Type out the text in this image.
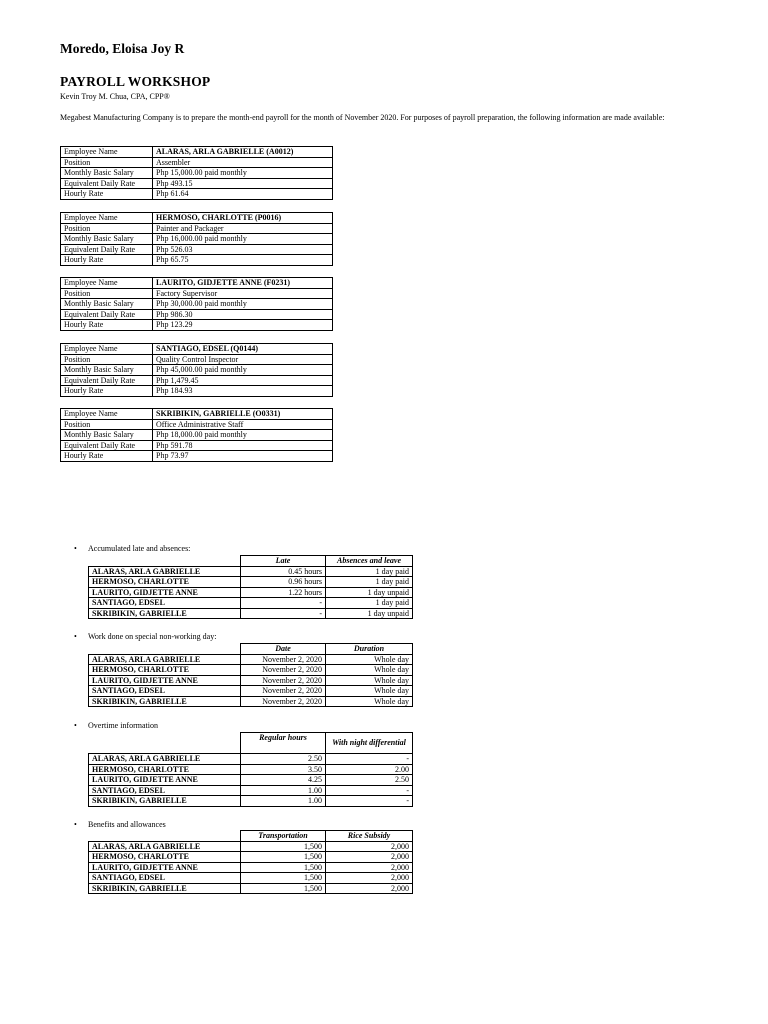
Moredo, Eloisa Joy R

PAYROLL WORKSHOP

Kevin Troy M. Chua, CPA, CPP®

Megabest Manufacturing Company is to prepare the month-end payroll for the month of November 2020. For purposes of payroll preparation, the following information are made available:

Employee Name	ALARAS, ARLA GABRIELLE (A0012)
Position	Assembler
Monthly Basic Salary	Php 15,000.00 paid monthly
Equivalent Daily Rate	Php 493.15
Hourly Rate	Php 61.64
Employee Name	HERMOSO, CHARLOTTE (P0016)
Position	Painter and Packager
Monthly Basic Salary	Php 16,000.00 paid monthly
Equivalent Daily Rate	Php 526.03
Hourly Rate	Php 65.75
Employee Name	LAURITO, GIDJETTE ANNE (F0231)
Position	Factory Supervisor
Monthly Basic Salary	Php 30,000.00 paid monthly
Equivalent Daily Rate	Php 986.30
Hourly Rate	Php 123.29
Employee Name	SANTIAGO, EDSEL (Q0144)
Position	Quality Control Inspector
Monthly Basic Salary	Php 45,000.00 paid monthly
Equivalent Daily Rate	Php 1,479.45
Hourly Rate	Php 184.93
Employee Name	SKRIBIKIN, GABRIELLE (O0331)
Position	Office Administrative Staff
Monthly Basic Salary	Php 18,000.00 paid monthly
Equivalent Daily Rate	Php 591.78
Hourly Rate	Php 73.97

• Accumulated late and absences:

	Late	Absences and leave
ALARAS, ARLA GABRIELLE	0.45 hours	1 day paid
HERMOSO, CHARLOTTE	0.96 hours	1 day paid
LAURITO, GIDJETTE ANNE	1.22 hours	1 day unpaid
SANTIAGO, EDSEL	-	1 day paid
SKRIBIKIN, GABRIELLE	-	1 day unpaid

• Work done on special non-working day:

	Date	Duration
ALARAS, ARLA GABRIELLE	November 2, 2020	Whole day
HERMOSO, CHARLOTTE	November 2, 2020	Whole day
LAURITO, GIDJETTE ANNE	November 2, 2020	Whole day
SANTIAGO, EDSEL	November 2, 2020	Whole day
SKRIBIKIN, GABRIELLE	November 2, 2020	Whole day

• Overtime information

	Regular hours	With night differential
ALARAS, ARLA GABRIELLE	2.50	-
HERMOSO, CHARLOTTE	3.50	2.00
LAURITO, GIDJETTE ANNE	4.25	2.50
SANTIAGO, EDSEL	1.00	-
SKRIBIKIN, GABRIELLE	1.00	-

• Benefits and allowances

	Transportation	Rice Subsidy
ALARAS, ARLA GABRIELLE	1,500	2,000
HERMOSO, CHARLOTTE	1,500	2,000
LAURITO, GIDJETTE ANNE	1,500	2,000
SANTIAGO, EDSEL	1,500	2,000
SKRIBIKIN, GABRIELLE	1,500	2,000
